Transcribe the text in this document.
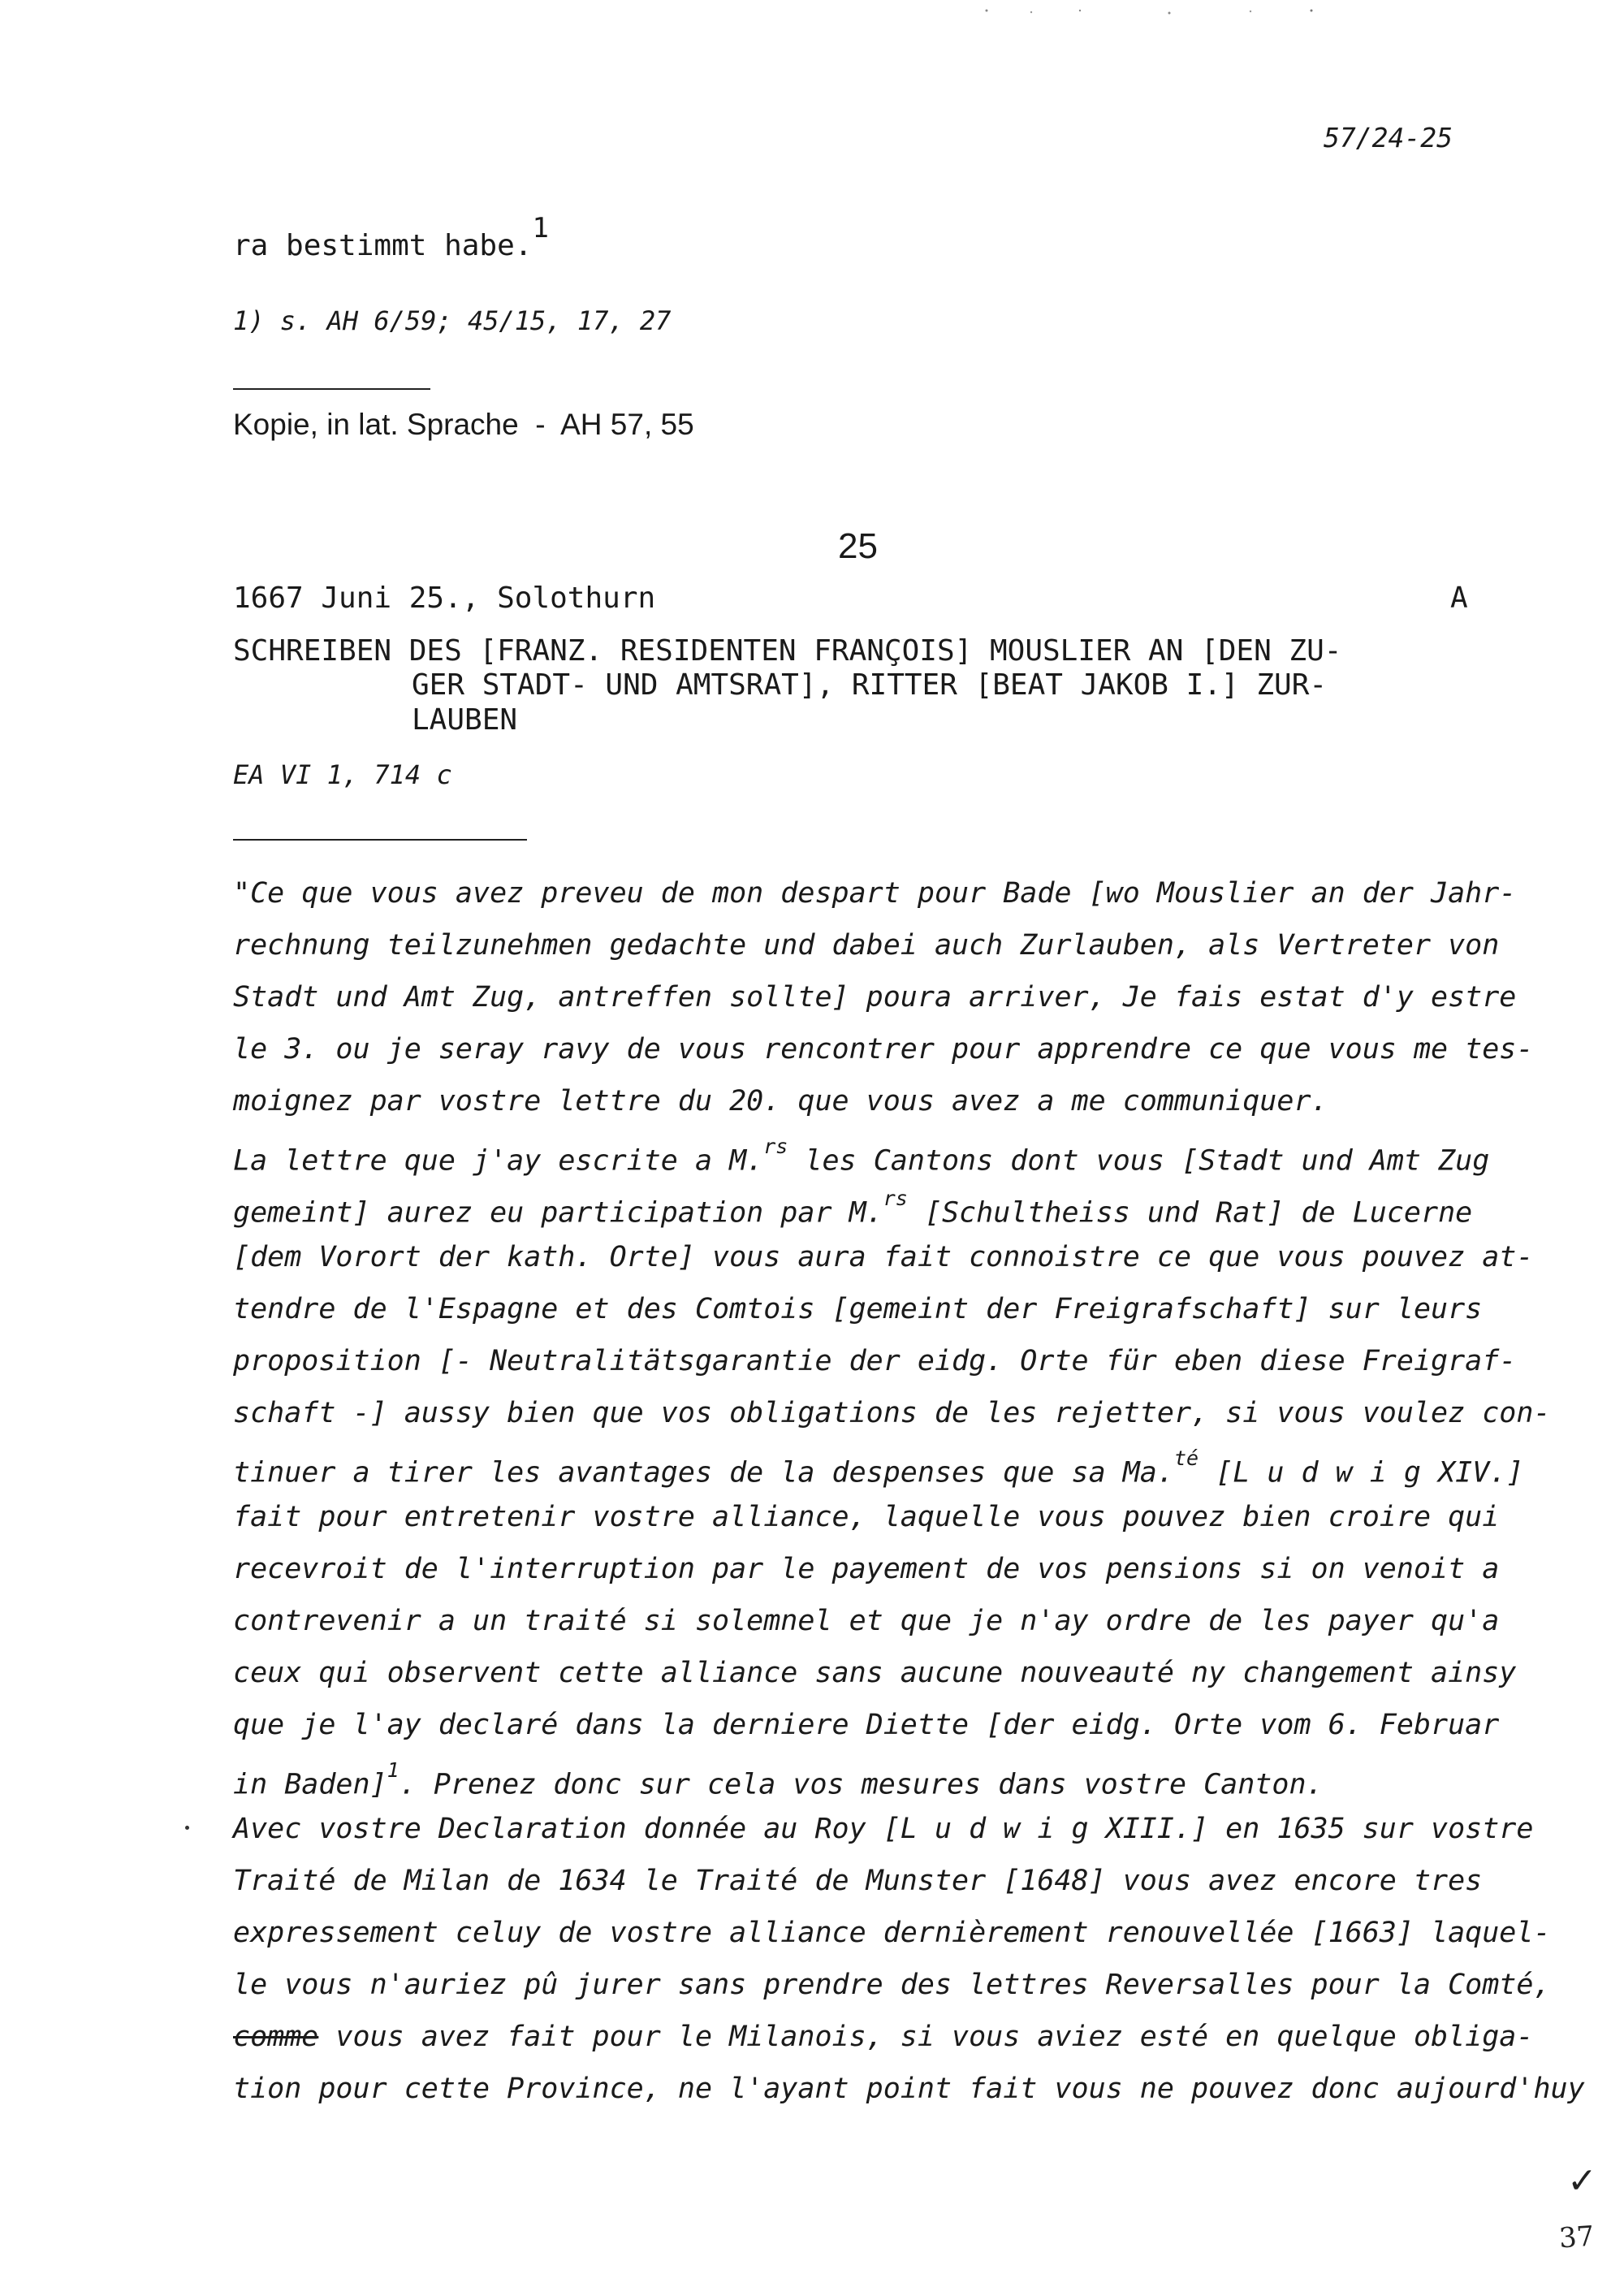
57/24-25
ra bestimmt habe.1
1) s. AH 6/59; 45/15, 17, 27
Kopie, in lat. Sprache  -  AH 57, 55
25
1667 Juni 25., Solothurn	A
SCHREIBEN DES [FRANZ. RESIDENTEN FRANÇOIS] MOUSLIER AN [DEN ZU-
GER STADT- UND AMTSRAT], RITTER [BEAT JAKOB I.] ZUR-
LAUBEN
EA VI 1, 714 c
"Ce que vous avez preveu de mon despart pour Bade [wo Mouslier an der Jahr-
rechnung teilzunehmen gedachte und dabei auch Zurlauben, als Vertreter von
Stadt und Amt Zug, antreffen sollte] poura arriver, Je fais estat d'y estre
le 3. ou je seray ravy de vous rencontrer pour apprendre ce que vous me tes-
moignez par vostre lettre du 20. que vous avez a me communiquer.
La lettre que j'ay escrite a M.$^{rs}$ les Cantons dont vous [Stadt und Amt Zug
gemeint] aurez eu participation par M.$^{rs}$ [Schultheiss und Rat] de Lucerne
[dem Vorort der kath. Orte] vous aura fait connoistre ce que vous pouvez at-
tendre de l'Espagne et des Comtois [gemeint der Freigrafschaft] sur leurs
proposition [- Neutralitätsgarantie der eidg. Orte für eben diese Freigraf-
schaft -] aussy bien que vos obligations de les rejetter, si vous voulez con-
tinuer a tirer les avantages de la despenses que sa Ma.$^{té}$ [L u d w i g XIV.]
fait pour entretenir vostre alliance, laquelle vous pouvez bien croire qui
recevroit de l'interruption par le payement de vos pensions si on venoit a
contrevenir a un traité si solemnel et que je n'ay ordre de les payer qu'a
ceux qui observent cette alliance sans aucune nouveauté ny changement ainsy
que je l'ay declaré dans la derniere Diette [der eidg. Orte vom 6. Februar
in Baden]$^1$. Prenez donc sur cela vos mesures dans vostre Canton.
Avec vostre Declaration donnée au Roy [L u d w i g XIII.] en 1635 sur vostre
Traité de Milan de 1634 le Traité de Munster [1648] vous avez encore tres
expressement celuy de vostre alliance dernièrement renouvellée [1663] laquel-
le vous n'auriez pû jurer sans prendre des lettres Reversalles pour la Comté,
comme vous avez fait pour le Milanois, si vous aviez esté en quelque obliga-
tion pour cette Province, ne l'ayant point fait vous ne pouvez donc aujourd'huy
✓
37
